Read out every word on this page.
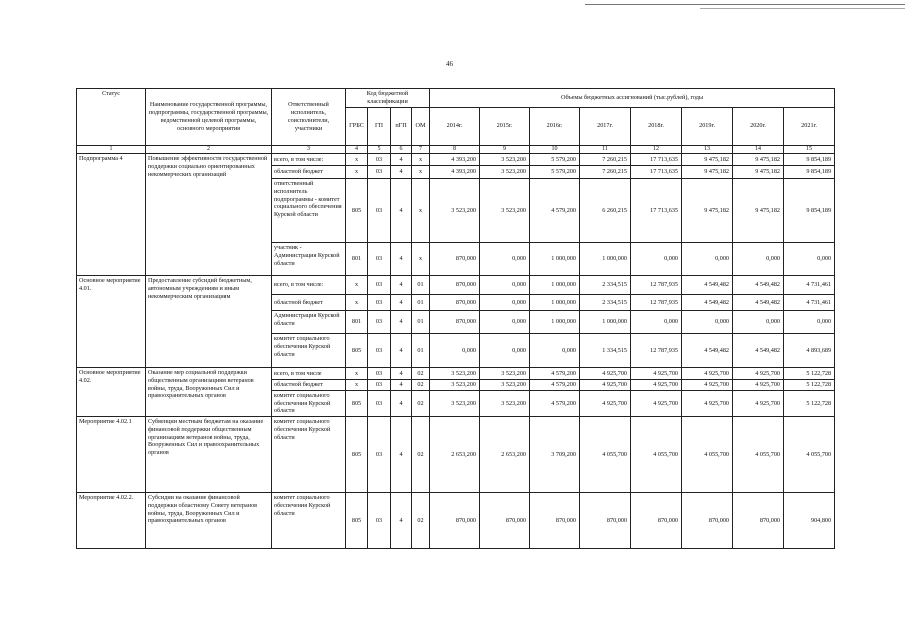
46
Статус	Наименование государственной программы, подпрограммы, государственной программы, ведомственной целевой программы, основного мероприятия	Ответственный исполнитель, соисполнители, участники	Код бюджетной классификации				Объемы бюджетных ассигнований (тыс.рублей), годы							
			ГРБС	ГП	пГП	ОМ	2014г.	2015г.	2016г.	2017г.	2018г.	2019г.	2020г.	2021г.
1	2	3	4	5	6	7	8	9	10	11	12	13	14	15
Подпрограмма 4	Повышение эффективности государственной поддержки социально ориентированных некоммерческих организаций	всего, в том числе:	x	03	4	x	4 393,200	3 523,200	5 579,200	7 260,215	17 713,635	9 475,182	9 475,182	9 854,189
		областной бюджет	x	03	4	x	4 393,200	3 523,200	5 579,200	7 260,215	17 713,635	9 475,182	9 475,182	9 854,189
		ответственный исполнитель подпрограммы - комитет социального обеспечения Курской области	805	03	4	x	3 523,200	3 523,200	4 579,200	6 260,215	17 713,635	9 475,182	9 475,182	9 854,189
		участник - Администрация Курской области	801	03	4	x	870,000	0,000	1 000,000	1 000,000	0,000	0,000	0,000	0,000
Основное мероприятие 4.01.	Предоставление субсидий бюджетным, автономным учреждениям и иным некоммерческим организациям	всего, в том числе:	x	03	4	01	870,000	0,000	1 000,000	2 334,515	12 787,935	4 549,482	4 549,482	4 731,461
		областной бюджет	x	03	4	01	870,000	0,000	1 000,000	2 334,515	12 787,935	4 549,482	4 549,482	4 731,461
		Администрация Курской области	801	03	4	01	870,000	0,000	1 000,000	1 000,000	0,000	0,000	0,000	0,000
		комитет социального обеспечения Курской области	805	03	4	01	0,000	0,000	0,000	1 334,515	12 787,935	4 549,482	4 549,482	4 893,689
Основное мероприятие 4.02.	Оказание мер социальной поддержки общественным организациям ветеранов войны, труда, Вооруженных Сил и правоохранительных органов	всего, в том числе	x	03	4	02	3 523,200	3 523,200	4 579,200	4 925,700	4 925,700	4 925,700	4 925,700	5 122,728
		областной бюджет	x	03	4	02	3 523,200	3 523,200	4 579,200	4 925,700	4 925,700	4 925,700	4 925,700	5 122,728
		комитет социального обеспечения Курской области	805	03	4	02	3 523,200	3 523,200	4 579,200	4 925,700	4 925,700	4 925,700	4 925,700	5 122,728
Мероприятие 4.02.1	Субвенции местным бюджетам на оказание финансовой поддержки общественным организациям ветеранов войны, труда, Вооруженных Сил и правоохранительных органов	комитет социального обеспечения Курской области	805	03	4	02	2 653,200	2 653,200	3 709,200	4 055,700	4 055,700	4 055,700	4 055,700	4 055,700
Мероприятие 4.02.2.	Субсидии на оказание финансовой поддержки областному Совету ветеранов войны, труда, Вооруженных Сил и правоохранительных органов	комитет социального обеспечения Курской области	805	03	4	02	870,000	870,000	870,000	870,000	870,000	870,000	870,000	904,800
